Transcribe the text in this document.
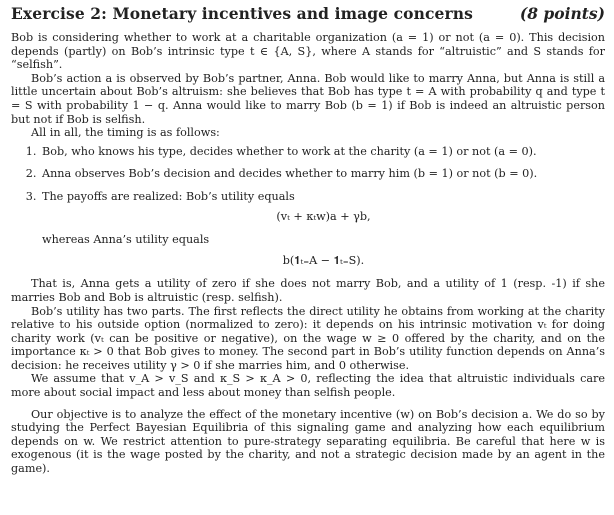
Exercise 2: Monetary incentives and image concerns	(8 points)

Bob is considering whether to work at a charitable organization (a = 1) or not (a = 0). This decision depends (partly) on Bob’s intrinsic type t ∈ {A, S}, where A stands for “altruistic” and S stands for “selfish”.

Bob’s action a is observed by Bob’s partner, Anna. Bob would like to marry Anna, but Anna is still a little uncertain about Bob’s altruism: she believes that Bob has type t = A with probability q and type t = S with probability 1 − q. Anna would like to marry Bob (b = 1) if Bob is indeed an altruistic person but not if Bob is selfish.

All in all, the timing is as follows:

1. Bob, who knows his type, decides whether to work at the charity (a = 1) or not (a = 0).
2. Anna observes Bob’s decision and decides whether to marry him (b = 1) or not (b = 0).
3. The payoffs are realized: Bob’s utility equals
(vₜ + κₜw)a + γb,
whereas Anna’s utility equals
b(𝟏ₜ₌A − 𝟏ₜ₌S).

That is, Anna gets a utility of zero if she does not marry Bob, and a utility of 1 (resp. -1) if she marries Bob and Bob is altruistic (resp. selfish).

Bob’s utility has two parts. The first reflects the direct utility he obtains from working at the charity relative to his outside option (normalized to zero): it depends on his intrinsic motivation vₜ for doing charity work (vₜ can be positive or negative), on the wage w ≥ 0 offered by the charity, and on the importance κₜ > 0 that Bob gives to money. The second part in Bob’s utility function depends on Anna’s decision: he receives utility γ > 0 if she marries him, and 0 otherwise.

We assume that v_A > v_S and κ_S > κ_A > 0, reflecting the idea that altruistic individuals care more about social impact and less about money than selfish people.

Our objective is to analyze the effect of the monetary incentive (w) on Bob’s decision a. We do so by studying the Perfect Bayesian Equilibria of this signaling game and analyzing how each equilibrium depends on w. We restrict attention to pure-strategy separating equilibria. Be careful that here w is exogenous (it is the wage posted by the charity, and not a strategic decision made by an agent in the game).
